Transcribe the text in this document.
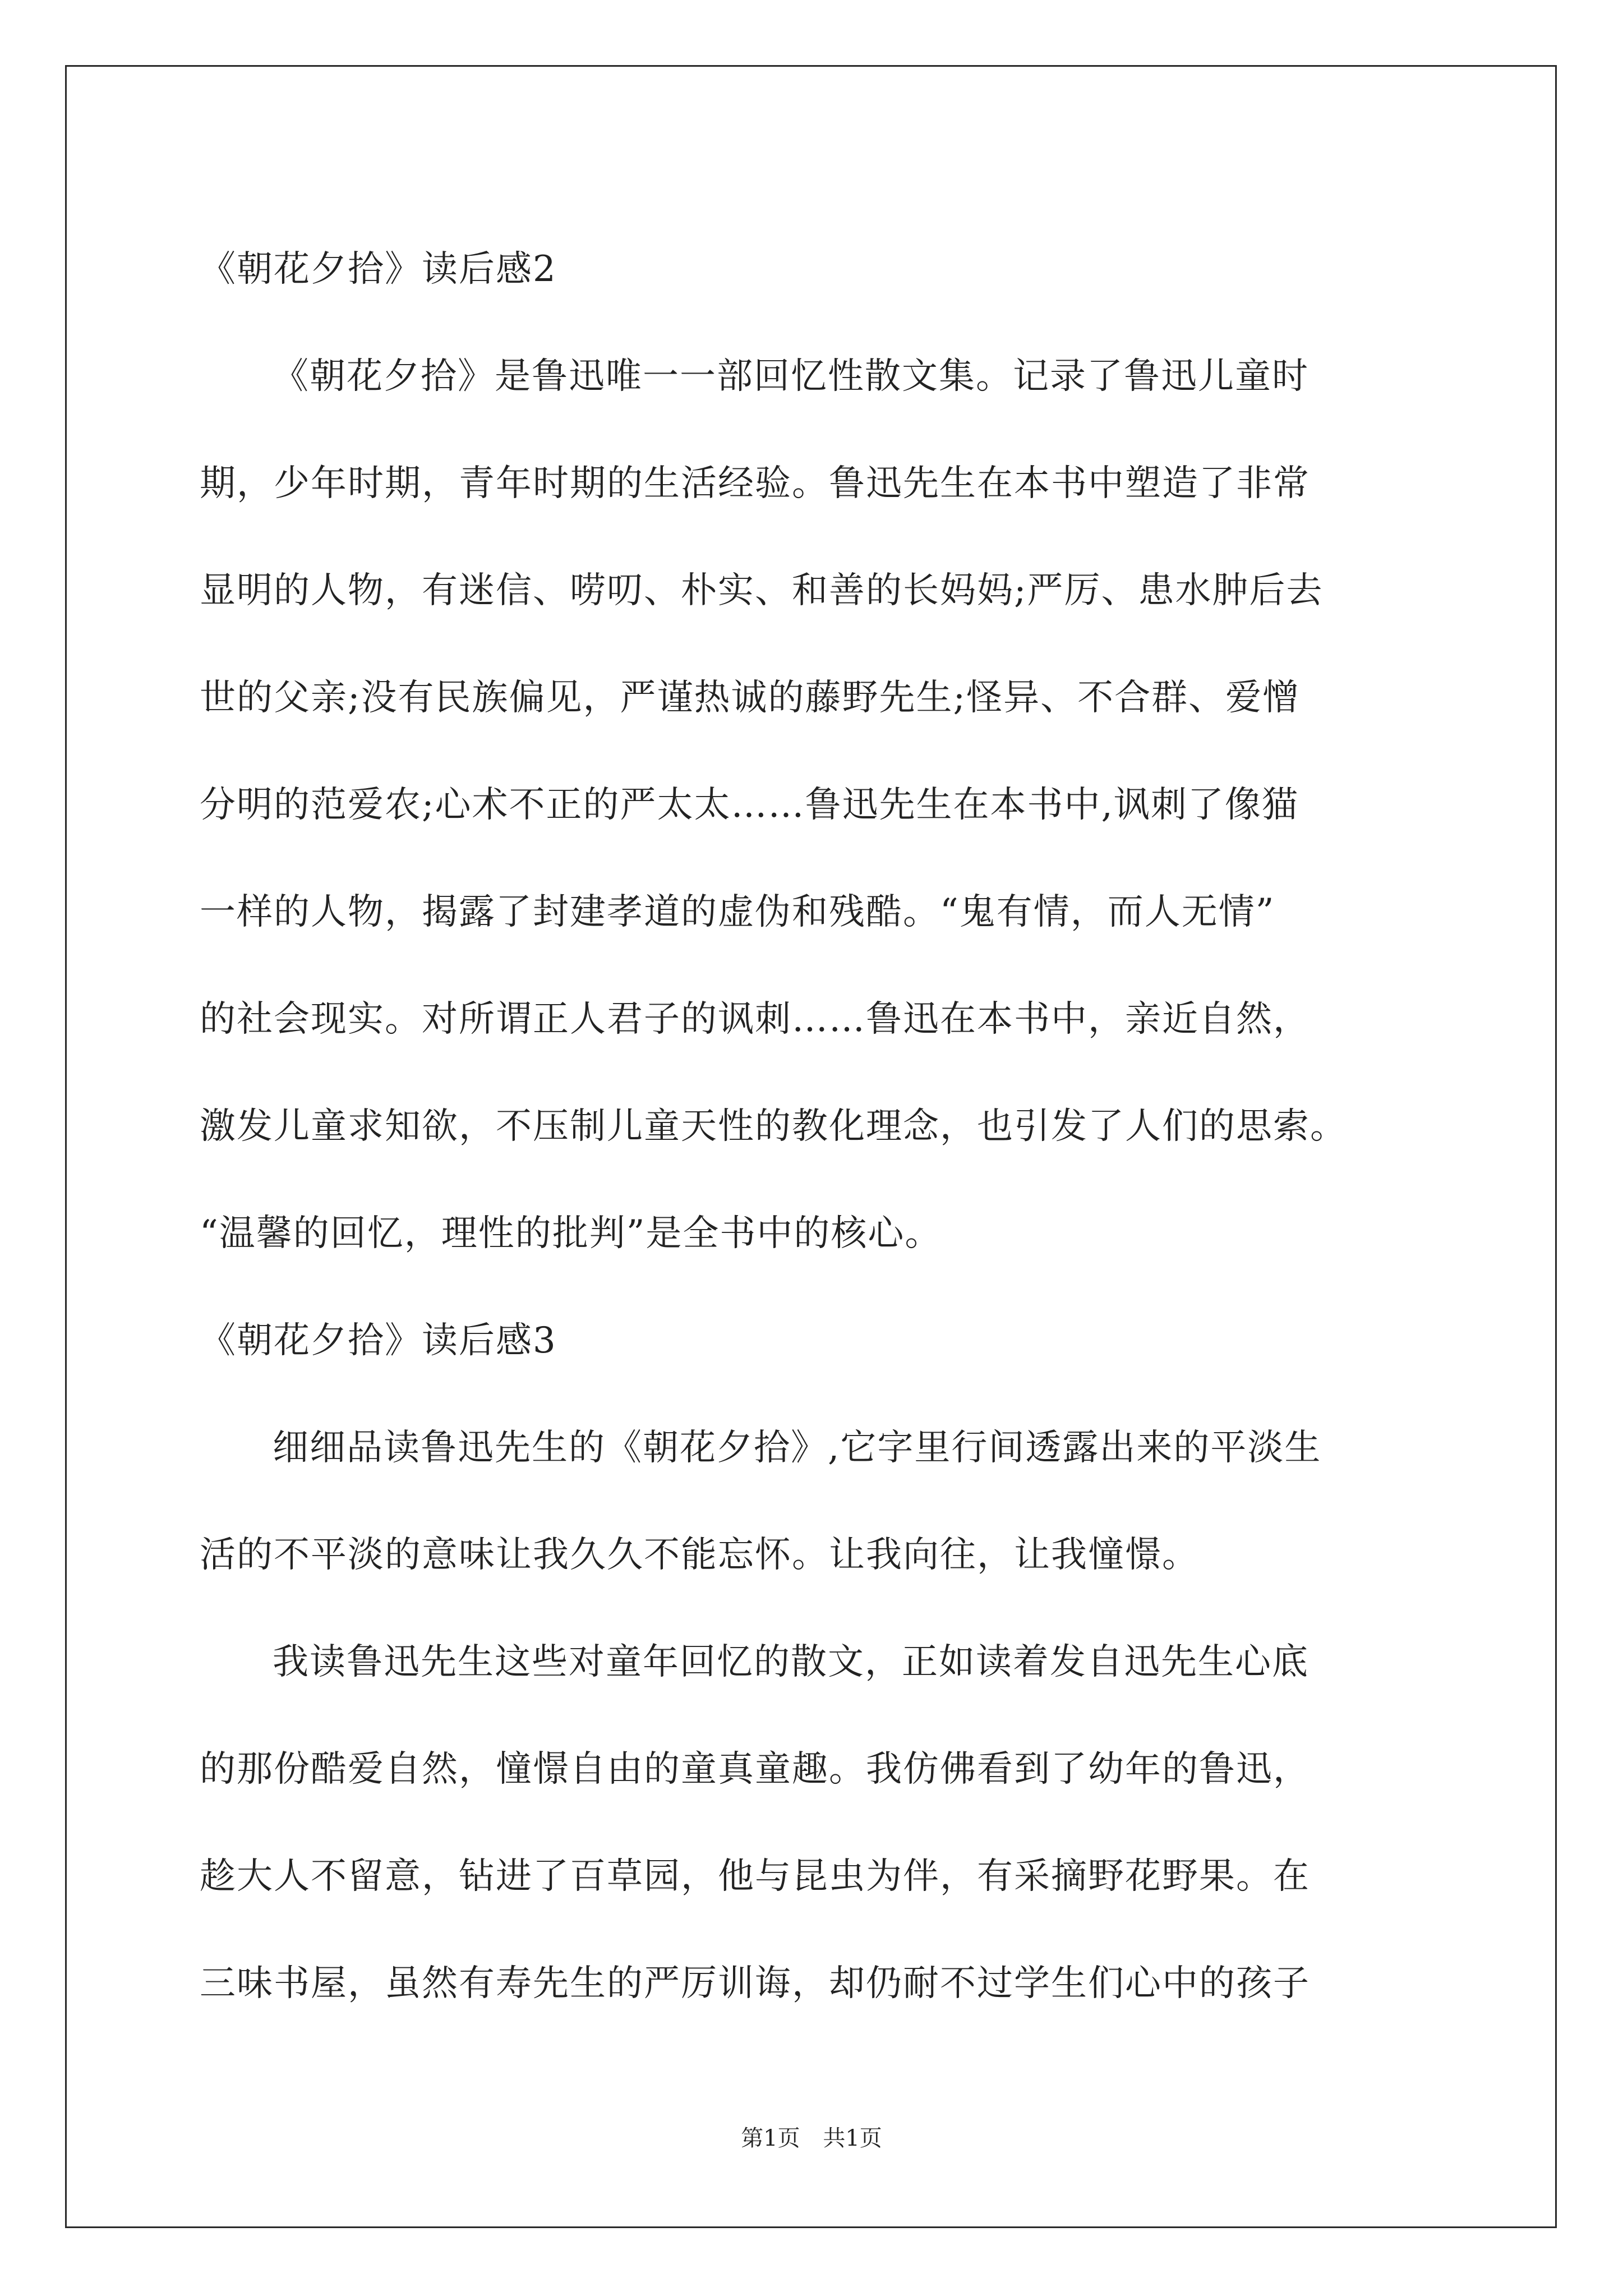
《朝花夕拾》读后感2
《朝花夕拾》是鲁迅唯一一部回忆性散文集。记录了鲁迅儿童时
期，少年时期，青年时期的生活经验。鲁迅先生在本书中塑造了非常
显明的人物，有迷信、唠叨、朴实、和善的长妈妈;严厉、患水肿后去
世的父亲;没有民族偏见，严谨热诚的藤野先生;怪异、不合群、爱憎
分明的范爱农;心术不正的严太太……鲁迅先生在本书中,讽刺了像猫
一样的人物，揭露了封建孝道的虚伪和残酷。“鬼有情，而人无情”
的社会现实。对所谓正人君子的讽刺……鲁迅在本书中，亲近自然，
激发儿童求知欲，不压制儿童天性的教化理念，也引发了人们的思索。
“温馨的回忆，理性的批判”是全书中的核心。
《朝花夕拾》读后感3
细细品读鲁迅先生的《朝花夕拾》,它字里行间透露出来的平淡生
活的不平淡的意味让我久久不能忘怀。让我向往，让我憧憬。
我读鲁迅先生这些对童年回忆的散文，正如读着发自迅先生心底
的那份酷爱自然，憧憬自由的童真童趣。我仿佛看到了幼年的鲁迅，
趁大人不留意，钻进了百草园，他与昆虫为伴，有采摘野花野果。在
三味书屋，虽然有寿先生的严厉训诲，却仍耐不过学生们心中的孩子
第1页 共1页
